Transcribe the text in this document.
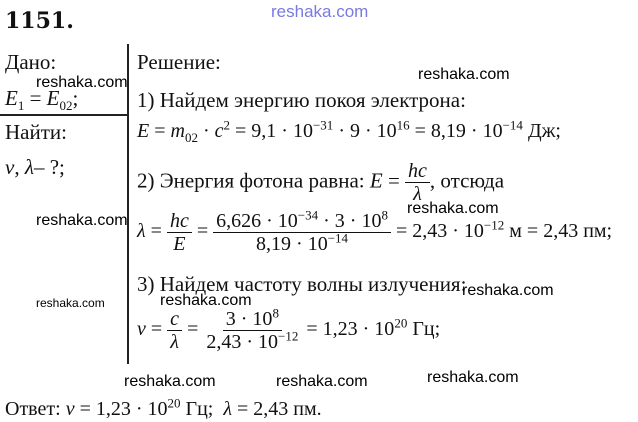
1151.	reshaka.com
Дано:
$E_1 = E_{02}$;
Найти:
ν, λ– ?;
Решение:
1) Найдем энергию покоя электрона:
$E = m_{02} \cdot c^2 = 9,1 \cdot 10^{-31} \cdot 9 \cdot 10^{16} = 8,19 \cdot 10^{-14}$ Дж;
2) Энергия фотона равна: $E = \frac{hc}{\lambda}$ , отсюда
$\lambda = \frac{hc}{E} = \frac{6,626 \cdot 10^{-34} \cdot 3 \cdot 10^8}{8,19 \cdot 10^{-14}} = 2,43 \cdot 10^{-12}$ м = 2,43 пм;
3) Найдем частоту волны излучения:
$\nu = \frac{c}{\lambda} = \frac{3 \cdot 10^8}{2,43 \cdot 10^{-12}} = 1,23 \cdot 10^{20}$ Гц;
Ответ: $\nu = 1,23 \cdot 10^{20}$ Гц;  λ = 2,43 пм.
reshaka.com	reshaka.com
reshaka.com
reshaka.com
reshaka.com	reshaka.com
reshaka.com
reshaka.com	reshaka.com	reshaka.com
